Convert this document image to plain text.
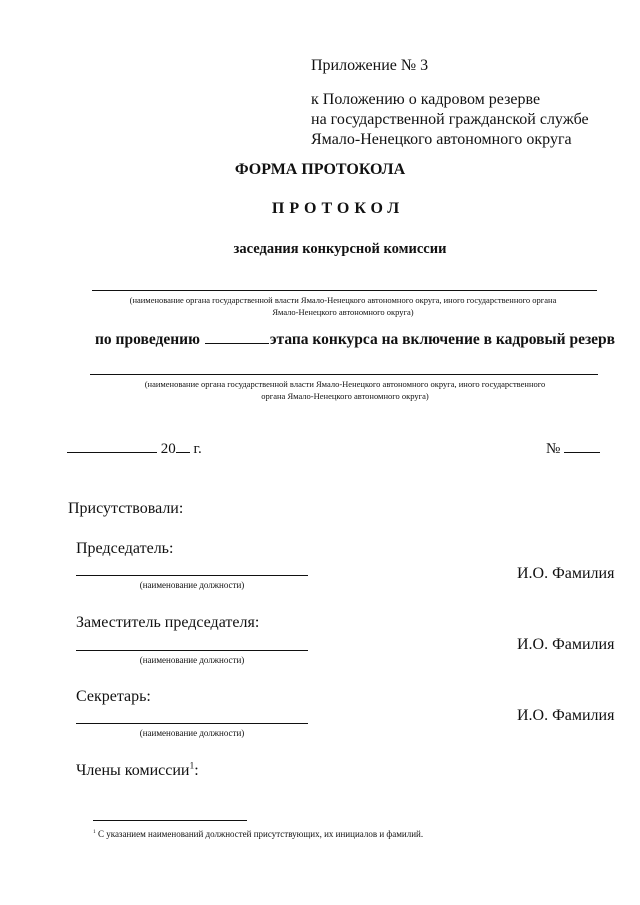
Приложение № 3
к Положению о кадровом резерве
на государственной гражданской службе
Ямало-Ненецкого автономного округа
ФОРМА ПРОТОКОЛА
ПРОТОКОЛ
заседания конкурсной комиссии
(наименование органа государственной власти Ямало-Ненецкого автономного округа, иного государственного органа
Ямало-Ненецкого автономного округа)
по проведению	этапа конкурса на включение в кадровый резерв
(наименование органа государственной власти Ямало-Ненецкого автономного округа, иного государственного
органа Ямало-Ненецкого автономного округа)
20 г.	№
Присутствовали:
Председатель:
(наименование должности)
И.О. Фамилия
Заместитель председателя:
(наименование должности)
И.О. Фамилия
Секретарь:
(наименование должности)
И.О. Фамилия
Члены комиссии$^1$:
$^1$ С указанием наименований должностей присутствующих, их инициалов и фамилий.
